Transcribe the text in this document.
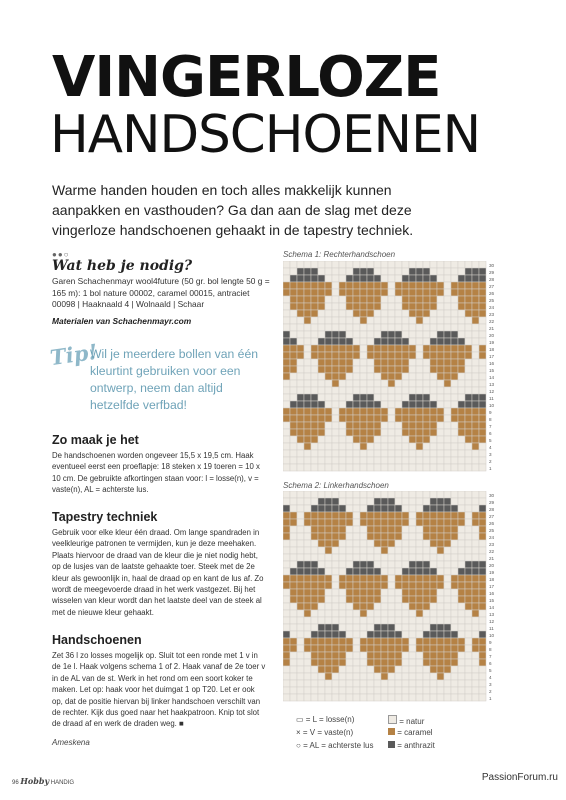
VINGERLOZE
HANDSCHOENEN
Warme handen houden en toch alles makkelijk kunnen aanpakken en vasthouden? Ga dan aan de slag met deze vingerloze handschoenen gehaakt in de tapestry techniek.
●●○
Wat heb je nodig?
Garen Schachenmayr wool4future (50 gr. bol lengte 50 g = 165 m): 1 bol nature 00002, caramel 00015, antraciet 00098 | Haaknaald 4 | Wolnaald | Schaar
Materialen van Schachenmayr.com
Tip!
Wil je meerdere bollen van één kleurtint gebruiken voor een ontwerp, neem dan altijd hetzelfde verfbad!
Zo maak je het
De handschoenen worden ongeveer 15,5 x 19,5 cm. Haak eventueel eerst een proeflapje: 18 steken x 19 toeren = 10 x 10 cm. De gebruikte afkortingen staan voor: l = losse(n), v = vaste(n), AL = achterste lus.
Tapestry techniek
Gebruik voor elke kleur één draad. Om lange spandraden in veelkleurige patronen te vermijden, kun je deze meehaken. Plaats hiervoor de draad van de kleur die je niet nodig hebt, op de lusjes van de laatste gehaakte toer. Steek met de 2e kleur als gewoonlijk in, haal de draad op en kant de lus af. Zo wordt de meegevoerde draad in het werk vastgezet. Bij het wisselen van kleur wordt dan het laatste deel van de steek al met de nieuwe kleur gehaakt.
Handschoenen
Zet 36 l zo losses mogelijk op. Sluit tot een ronde met 1 v in de 1e l. Haak volgens schema 1 of 2. Haak vanaf de 2e toer v in de AL van de st. Werk in het rond om een soort koker te maken. Let op: haak voor het duimgat 1 op T20. Let er ook op, dat de positie hiervan bij linker handschoen verschilt van de rechter. Kijk dus goed naar het haakpatroon. Knip tot slot de draad af en werk de draden weg. ■
Ameskena
Schema 1: Rechterhandschoen
30
29
28
27
26
25
24
23
22
21
20
19
18
17
16
15
14
13
12
11
10
9
8
7
6
5
4
3
2
1
Schema 2: Linkerhandschoen
30
29
28
27
26
25
24
23
22
21
20
19
18
17
16
15
14
13
12
11
10
9
8
7
6
5
4
3
2
1
▭ = L = losse(n)
× = V = vaste(n)
○ = AL = achterste lus
= natur
= caramel
= anthrazit
96 Hobby HANDIG	PassionForum.ru
